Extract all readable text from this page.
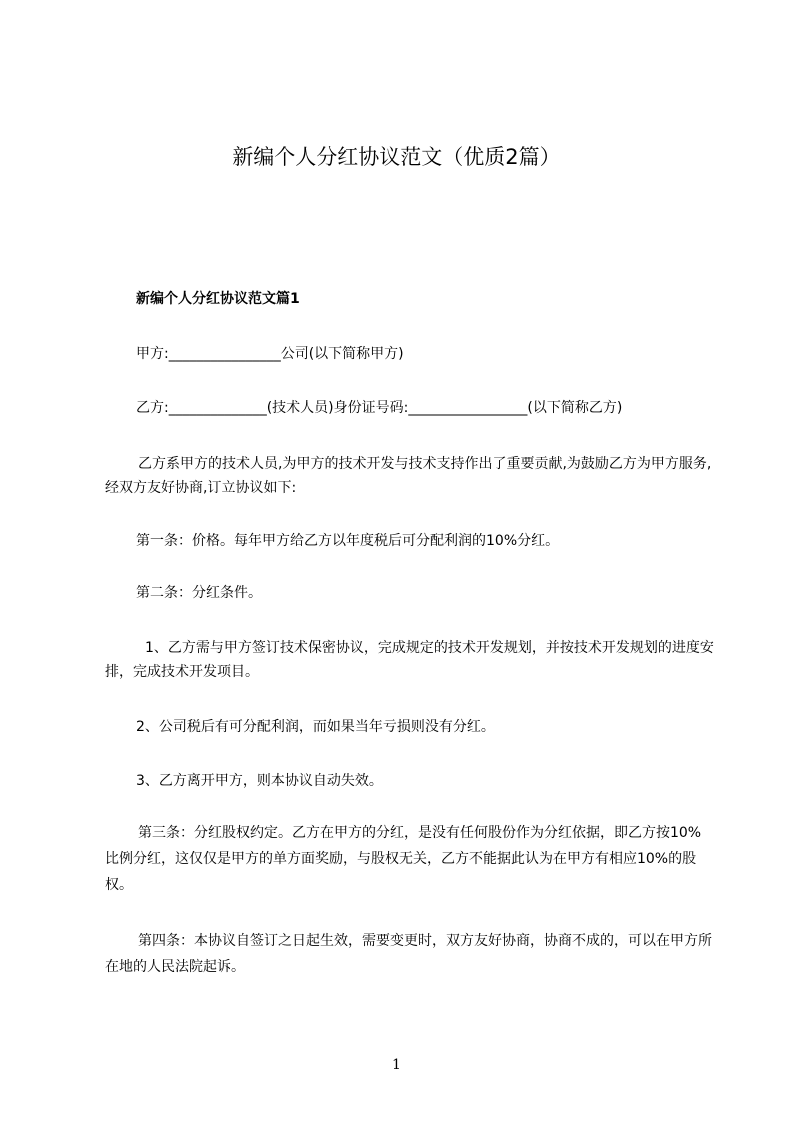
新编个人分红协议范文（优质2篇）
新编个人分红协议范文篇1

甲方:________________公司(以下简称甲方)

乙方:______________(技术人员)身份证号码:_________________(以下简称乙方)

乙方系甲方的技术人员,为甲方的技术开发与技术支持作出了重要贡献,为鼓励乙方为甲方服务,经双方友好协商,订立协议如下:

第一条：价格。每年甲方给乙方以年度税后可分配利润的10%分红。

第二条：分红条件。

1、乙方需与甲方签订技术保密协议，完成规定的技术开发规划，并按技术开发规划的进度安排，完成技术开发项目。

2、公司税后有可分配利润，而如果当年亏损则没有分红。

3、乙方离开甲方，则本协议自动失效。

第三条：分红股权约定。乙方在甲方的分红，是没有任何股份作为分红依据，即乙方按10%比例分红，这仅仅是甲方的单方面奖励，与股权无关，乙方不能据此认为在甲方有相应10%的股权。

第四条：本协议自签订之日起生效，需要变更时，双方友好协商，协商不成的，可以在甲方所在地的人民法院起诉。

1
